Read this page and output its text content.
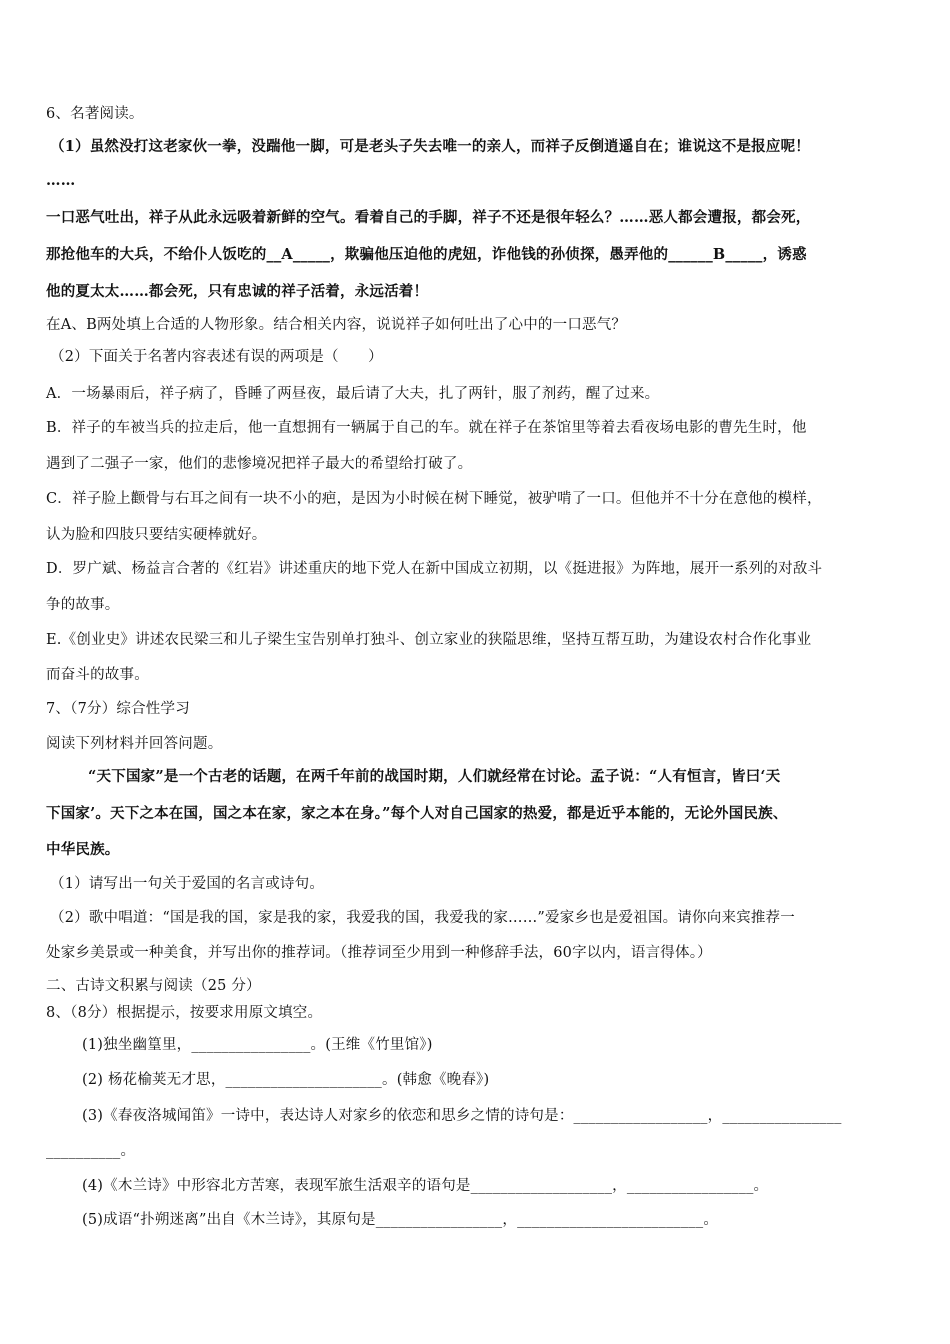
6、名著阅读。
（1）虽然没打这老家伙一拳，没踹他一脚，可是老头子失去唯一的亲人，而祥子反倒逍遥自在；谁说这不是报应呢！
……
一口恶气吐出，祥子从此永远吸着新鲜的空气。看着自己的手脚，祥子不还是很年轻么？……恶人都会遭报，都会死，
那抢他车的大兵，不给仆人饭吃的__A_____，欺骗他压迫他的虎妞，诈他钱的孙侦探，愚弄他的______B_____，诱惑
他的夏太太……都会死，只有忠诚的祥子活着，永远活着！
在A、B两处填上合适的人物形象。结合相关内容，说说祥子如何吐出了心中的一口恶气？
（2）下面关于名著内容表述有误的两项是（　　）
A．一场暴雨后，祥子病了，昏睡了两昼夜，最后请了大夫，扎了两针，服了剂药，醒了过来。
B．祥子的车被当兵的拉走后，他一直想拥有一辆属于自己的车。就在祥子在茶馆里等着去看夜场电影的曹先生时，他
遇到了二强子一家，他们的悲惨境况把祥子最大的希望给打破了。
C．祥子脸上颧骨与右耳之间有一块不小的疤，是因为小时候在树下睡觉，被驴啃了一口。但他并不十分在意他的模样，
认为脸和四肢只要结实硬棒就好。
D．罗广斌、杨益言合著的《红岩》讲述重庆的地下党人在新中国成立初期，以《挺进报》为阵地，展开一系列的对敌斗
争的故事。
E.《创业史》讲述农民梁三和儿子梁生宝告别单打独斗、创立家业的狭隘思维，坚持互帮互助，为建设农村合作化事业
而奋斗的故事。
7、（7分）综合性学习
阅读下列材料并回答问题。
“天下国家”是一个古老的话题，在两千年前的战国时期，人们就经常在讨论。孟子说：“人有恒言，皆曰‘天
下国家’。天下之本在国，国之本在家，家之本在身。”每个人对自己国家的热爱，都是近乎本能的，无论外国民族、
中华民族。
（1）请写出一句关于爱国的名言或诗句。
（2）歌中唱道：“国是我的国，家是我的家，我爱我的国，我爱我的家……”爱家乡也是爱祖国。请你向来宾推荐一
处家乡美景或一种美食，并写出你的推荐词。（推荐词至少用到一种修辞手法，60字以内，语言得体。）
二、古诗文积累与阅读（25 分）
8、（8分）根据提示，按要求用原文填空。
(1)独坐幽篁里，________________。(王维《竹里馆》)
(2) 杨花榆荚无才思，_____________________。(韩愈《晚春》)
(3)《春夜洛城闻笛》一诗中，表达诗人对家乡的依恋和思乡之情的诗句是：__________________，________________
__________。
(4)《木兰诗》中形容北方苦寒，表现军旅生活艰辛的语句是___________________，_________________。
(5)成语“扑朔迷离”出自《木兰诗》，其原句是_________________，_________________________。
